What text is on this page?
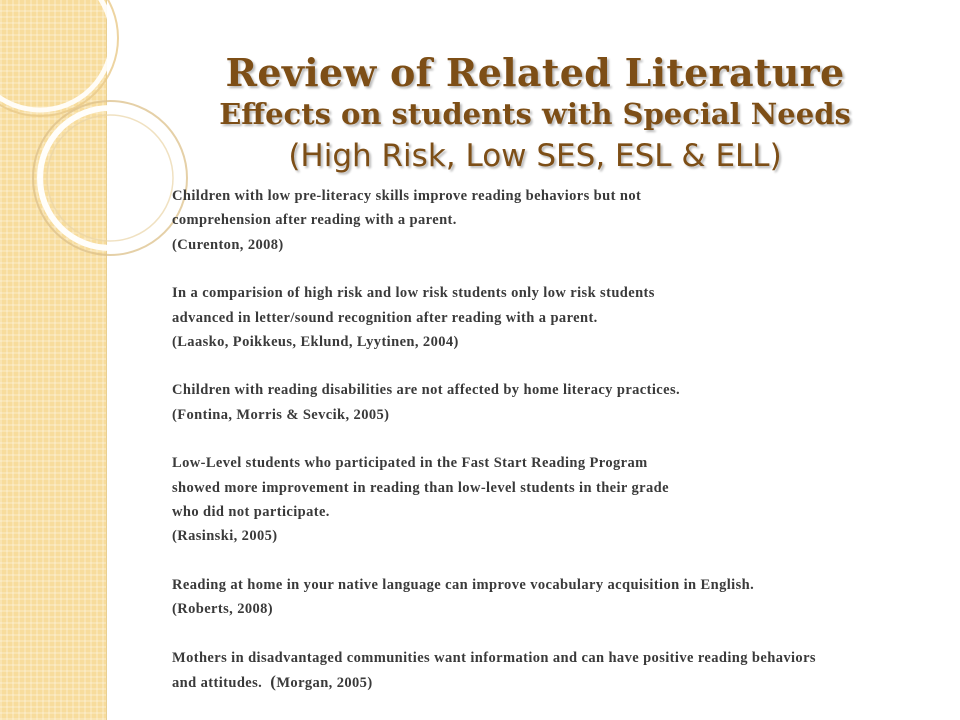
Review of Related Literature
Effects on students with Special Needs
(High Risk, Low SES, ESL & ELL)
Children with low pre-literacy skills improve reading behaviors but not
comprehension after reading with a parent.
(Curenton, 2008)
In a comparision of high risk and low risk students only low risk students
advanced in letter/sound recognition after reading with a parent.
(Laasko, Poikkeus, Eklund, Lyytinen, 2004)
Children with reading disabilities are not affected by home literacy practices.
(Fontina, Morris & Sevcik, 2005)
Low-Level students who participated in the Fast Start Reading Program
showed more improvement in reading than low-level students in their grade
who did not participate.
(Rasinski, 2005)
Reading at home in your native language can improve vocabulary acquisition in English.
(Roberts, 2008)
Mothers in disadvantaged communities want information and can have positive reading behaviors
and attitudes. (Morgan, 2005)
